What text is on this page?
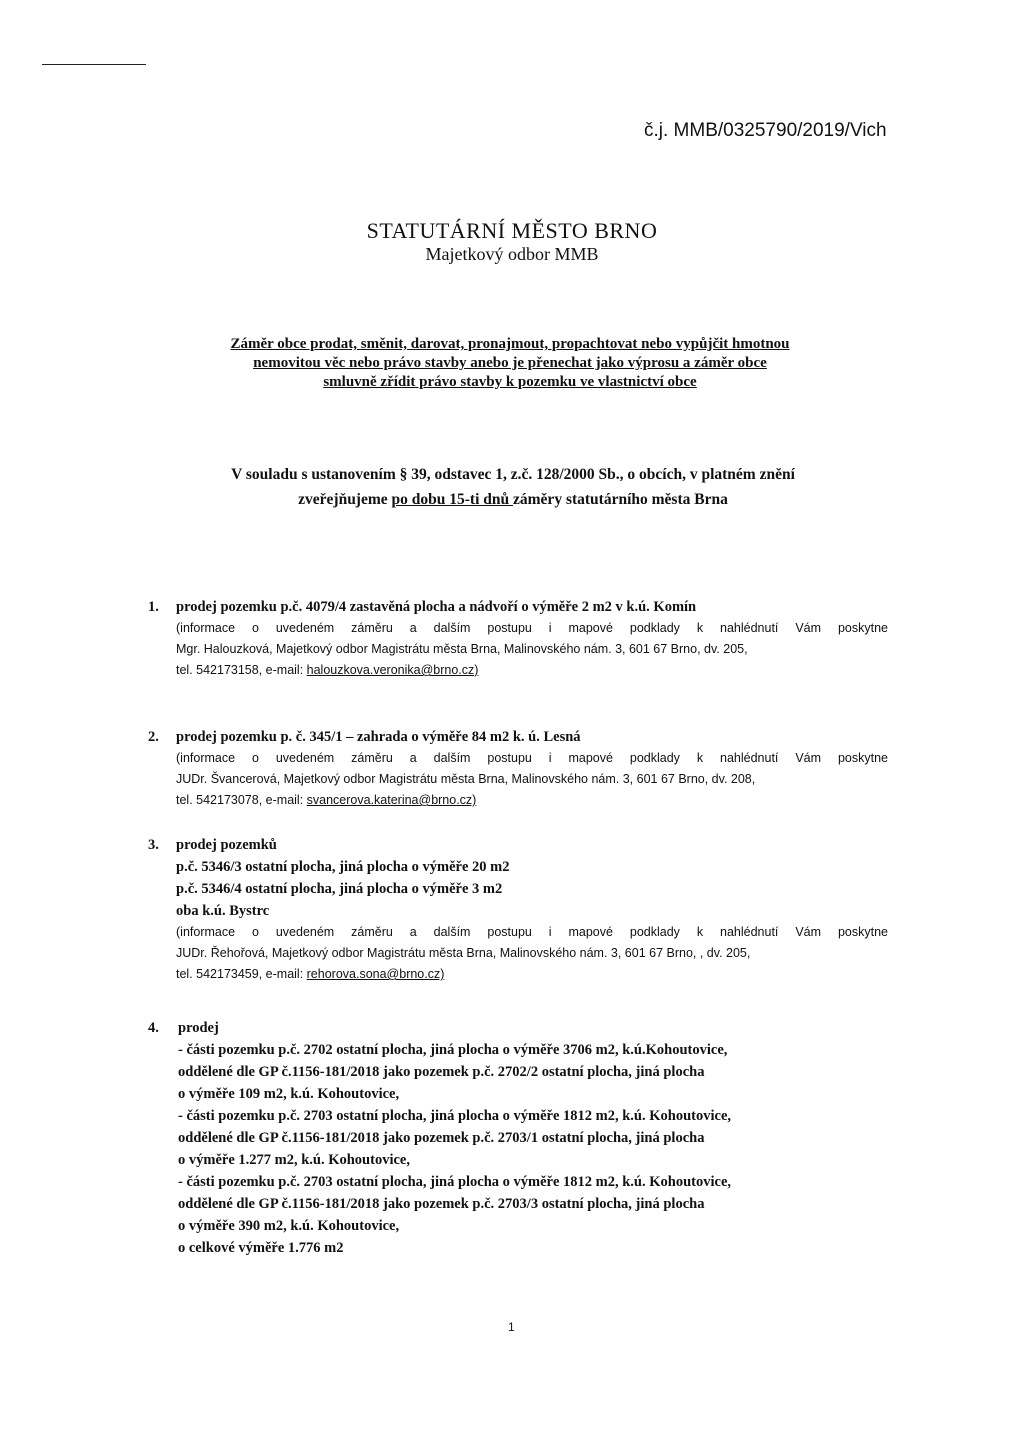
č.j. MMB/0325790/2019/Vich
STATUTÁRNÍ MĚSTO BRNO
Majetkový odbor MMB
Záměr obce prodat, směnit, darovat, pronajmout, propachtovat nebo vypůjčit hmotnou
nemovitou věc nebo právo stavby anebo je přenechat jako výprosu a záměr obce
smluvně zřídit právo stavby k pozemku ve vlastnictví obce
V souladu s ustanovením § 39, odstavec 1, z.č. 128/2000 Sb., o obcích, v platném znění
zveřejňujeme po dobu 15-ti dnů záměry statutárního města Brna
1. prodej pozemku p.č. 4079/4 zastavěná plocha a nádvoří o výměře 2 m2 v k.ú. Komín
(informace o uvedeném záměru a dalším postupu i mapové podklady k nahlédnutí Vám poskytne
Mgr. Halouzková, Majetkový odbor Magistrátu města Brna, Malinovského nám. 3, 601 67 Brno, dv. 205,
tel. 542173158, e-mail: halouzkova.veronika@brno.cz)
2. prodej pozemku p. č. 345/1 – zahrada o výměře 84 m2 k. ú. Lesná
(informace o uvedeném záměru a dalším postupu i mapové podklady k nahlédnutí Vám poskytne
JUDr. Švancerová, Majetkový odbor Magistrátu města Brna, Malinovského nám. 3, 601 67 Brno, dv. 208,
tel. 542173078, e-mail: svancerova.katerina@brno.cz)
3. prodej pozemků
p.č. 5346/3 ostatní plocha, jiná plocha o výměře 20 m2
p.č. 5346/4 ostatní plocha, jiná plocha o výměře 3 m2
oba k.ú. Bystrc
(informace o uvedeném záměru a dalším postupu i mapové podklady k nahlédnutí Vám poskytne
JUDr. Řehořová, Majetkový odbor Magistrátu města Brna, Malinovského nám. 3, 601 67 Brno, , dv. 205,
tel. 542173459, e-mail: rehorova.sona@brno.cz)
4. prodej
- části pozemku p.č. 2702 ostatní plocha, jiná plocha o výměře 3706 m2, k.ú.Kohoutovice,
oddělené dle GP č.1156-181/2018 jako pozemek p.č. 2702/2 ostatní plocha, jiná plocha
o výměře 109 m2, k.ú. Kohoutovice,
- části pozemku p.č. 2703 ostatní plocha, jiná plocha o výměře 1812 m2, k.ú. Kohoutovice,
oddělené dle GP č.1156-181/2018 jako pozemek p.č. 2703/1 ostatní plocha, jiná plocha
o výměře 1.277 m2, k.ú. Kohoutovice,
- části pozemku p.č. 2703 ostatní plocha, jiná plocha o výměře 1812 m2, k.ú. Kohoutovice,
oddělené dle GP č.1156-181/2018 jako pozemek p.č. 2703/3 ostatní plocha, jiná plocha
o výměře 390 m2, k.ú. Kohoutovice,
o celkové výměře 1.776 m2
1
